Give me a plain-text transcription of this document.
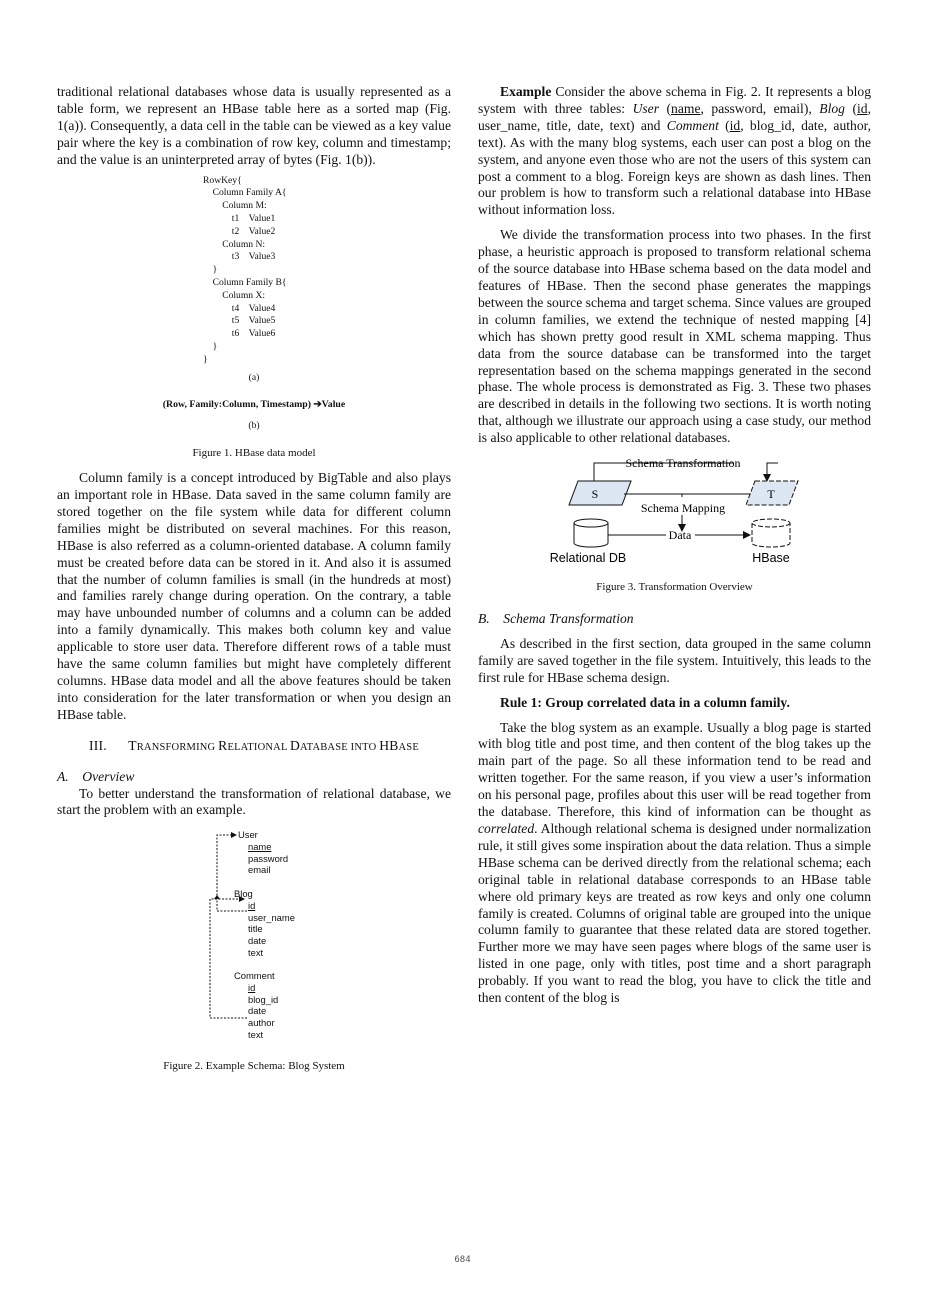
traditional relational databases whose data is usually represented as a table form, we represent an HBase table here as a sorted map (Fig. 1(a)). Consequently, a data cell in the table can be viewed as a key value pair where the key is a combination of row key, column and timestamp; and the value is an uninterpreted array of bytes (Fig. 1(b)).

RowKey{
Column Family A{
Column M:
t1    Value1
t2    Value2
Column N:
t3    Value3
}
Column Family B{
Column X:
t4    Value4
t5    Value5
t6    Value6
}
}
(a)
(Row, Family:Column, Timestamp) ➔Value
(b)
Figure 1. HBase data model

Column family is a concept introduced by BigTable and also plays an important role in HBase. Data saved in the same column family are stored together on the file system while data for different column families might be distributed on several machines. For this reason, HBase is also referred as a column-oriented database. A column family must be created before data can be stored in it. And also it is assumed that the number of column families is small (in the hundreds at most) and families rarely change during operation. On the contrary, a table may have unbounded number of columns and a column can be added into a family dynamically. This makes both column key and value applicable to store user data. Therefore different rows of a table must have the same column families but might have completely different columns. HBase data model and all the above features should be taken into consideration for the later transformation or when you design an HBase table.

III. TRANSFORMING RELATIONAL DATABASE INTO HBASE
A.    Overview

To better understand the transformation of relational database, we start the problem with an example.

User
name
password
email
Blog
id
user_name
title
date
text
Comment
id
blog_id
date
author
text
Figure 2. Example Schema: Blog System

Example Consider the above schema in Fig. 2. It represents a blog system with three tables: User (name, password, email), Blog (id, user_name, title, date, text) and Comment (id, blog_id, date, author, text). As with the many blog systems, each user can post a blog on the system, and anyone even those who are not the users of this system can post a comment to a blog. Foreign keys are shown as dash lines. Then our problem is how to transform such a relational database into HBase without information loss.

We divide the transformation process into two phases. In the first phase, a heuristic approach is proposed to transform relational schema of the source database into HBase schema based on the data model and features of HBase. Then the second phase generates the mappings between the source schema and target schema. Since values are grouped in column families, we extend the technique of nested mapping [4] which has shown pretty good result in XML schema mapping. Thus data from the source database can be transformed into the target representation based on the schema mappings generated in the second phase. The whole process is demonstrated as Fig. 3. These two phases are described in details in the following two sections. It is worth noting that, although we illustrate our approach using a case study, our method is also applicable to other relational databases.

Schema Transformation
S	T
Schema Mapping
Data
Relational DB	HBase
Figure 3. Transformation Overview
B.    Schema Transformation

As described in the first section, data grouped in the same column family are saved together in the file system. Intuitively, this leads to the first rule for HBase schema design.

Rule 1: Group correlated data in a column family.

Take the blog system as an example. Usually a blog page is started with blog title and post time, and then content of the blog takes up the main part of the page. So all these information tend to be read and written together. For the same reason, if you view a user’s information on his personal page, profiles about this user will be read together from the database. Therefore, this kind of information can be thought as correlated. Although relational schema is designed under normalization rule, it still gives some inspiration about the data relation. Thus a simple HBase schema can be derived directly from the relational schema; each original table in relational database corresponds to an HBase table where old primary keys are treated as row keys and only one column family is created. Columns of original table are grouped into the unique column family to guarantee that these related data are stored together. Further more we may have seen pages where blogs of the same user is listed in one page, only with titles, post time and a short paragraph probably. If you want to read the blog, you have to click the title and then content of the blog is

684
